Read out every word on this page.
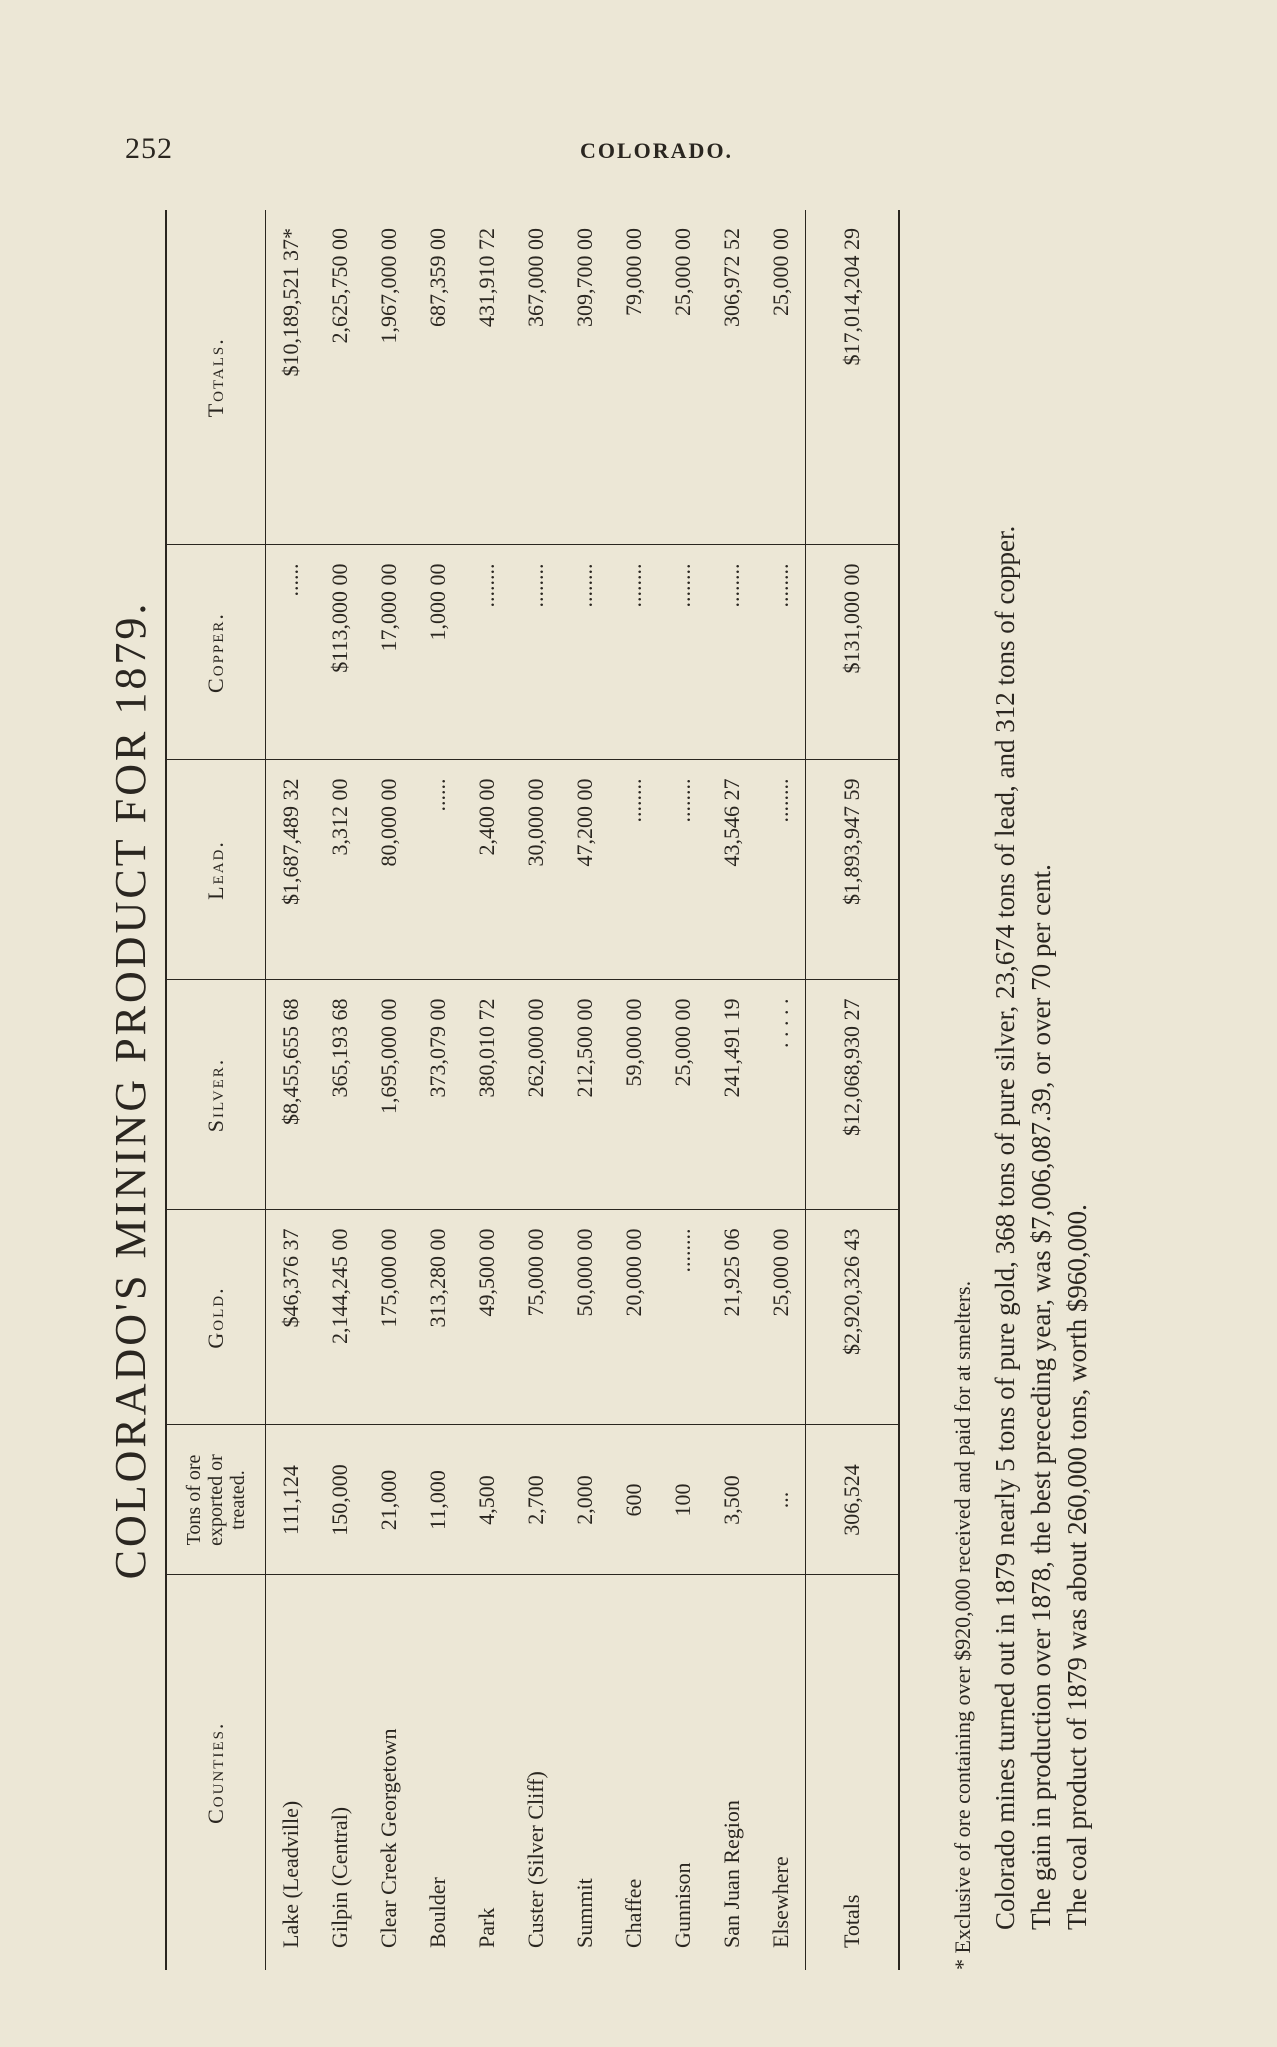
252	COLORADO.
COLORADO'S MINING PRODUCT FOR 1879.
Counties.	Tons of ore exported or treated.	Gold.	Silver.	Lead.	Copper.	Totals.
Lake (Leadville)	111,124	$46,376 37	$8,455,655 68	$1,687,489 32	......	$10,189,521 37*
Gilpin (Central)	150,000	2,144,245 00	365,193 68	3,312 00	$113,000 00	2,625,750 00
Clear Creek Georgetown	21,000	175,000 00	1,695,000 00	80,000 00	17,000 00	1,967,000 00
Boulder	11,000	313,280 00	373,079 00	......	1,000 00	687,359 00
Park	4,500	49,500 00	380,010 72	2,400 00	........	431,910 72
Custer (Silver Cliff)	2,700	75,000 00	262,000 00	30,000 00	........	367,000 00
Summit	2,000	50,000 00	212,500 00	47,200 00	........	309,700 00
Chaffee	600	20,000 00	59,000 00	........	........	79,000 00
Gunnison	100	........	25,000 00	........	........	25,000 00
San Juan Region	3,500	21,925 06	241,491 19	43,546 27	........	306,972 52
Elsewhere	...	25,000 00	. . . . .	........	........	25,000 00
Totals	306,524	$2,920,326 43	$12,068,930 27	$1,893,947 59	$131,000 00	$17,014,204 29
* Exclusive of ore containing over $920,000 received and paid for at smelters. Colorado mines turned out in 1879 nearly 5 tons of pure gold, 368 tons of pure silver, 23,674 tons of lead, and 312 tons of copper. The gain in production over 1878, the best preceding year, was $7,006,087.39, or over 70 per cent. The coal product of 1879 was about 260,000 tons, worth $960,000.
